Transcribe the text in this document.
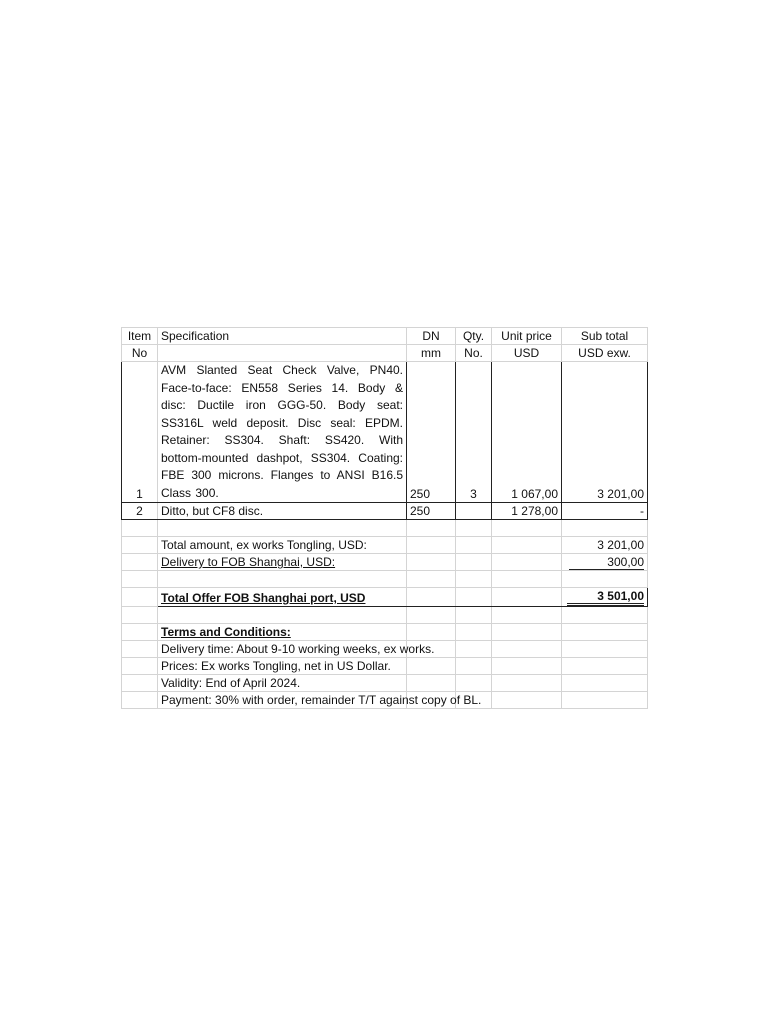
Item	Specification	DN	Qty.	Unit price	Sub total
No		mm	No.	USD	USD exw.
1	AVM Slanted Seat Check Valve, PN40. Face-to-face: EN558 Series 14. Body & disc: Ductile iron GGG-50. Body seat: SS316L weld deposit. Disc seal: EPDM. Retainer: SS304. Shaft: SS420. With bottom-mounted dashpot, SS304. Coating: FBE 300 microns. Flanges to ANSI B16.5 Class 300.	250	3	1 067,00	3 201,00
2	Ditto, but CF8 disc.	250		1 278,00	-

	Total amount, ex works Tongling, USD:				3 201,00
	Delivery to FOB Shanghai, USD:				300,00

	Total Offer FOB Shanghai port, USD				3 501,00

	Terms and Conditions:				
	Delivery time: About 9-10 working weeks, ex works.				
	Prices: Ex works Tongling, net in US Dollar.				
	Validity: End of April 2024.				
	Payment: 30% with order, remainder T/T against copy of BL.				
